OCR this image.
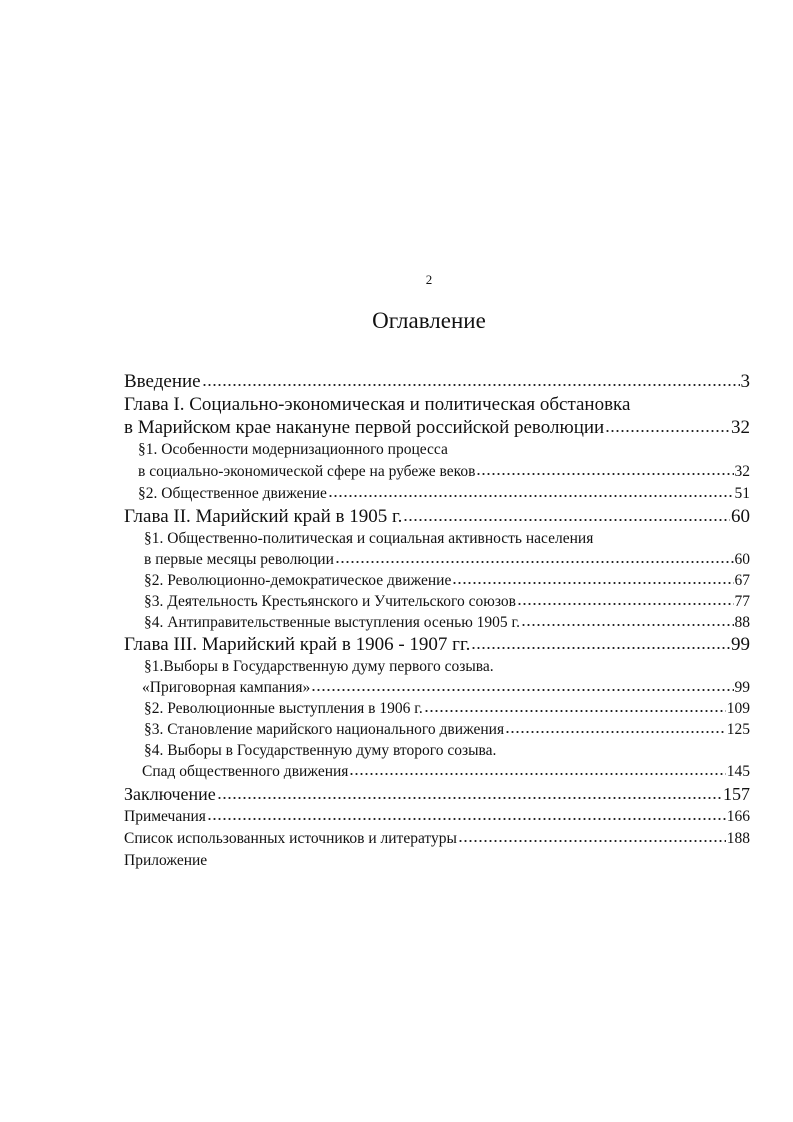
2
Оглавление
Введение	3
Глава I. Социально-экономическая и политическая обстановка
в Марийском крае накануне первой российской революции	32
§1. Особенности модернизационного процесса
в социально-экономической сфере на рубеже веков	32
§2. Общественное движение	51
Глава II. Марийский край в 1905 г.	60
§1. Общественно-политическая и социальная активность населения
в первые месяцы революции	60
§2. Революционно-демократическое движение	67
§3. Деятельность Крестьянского и Учительского союзов	77
§4. Антиправительственные выступления осенью 1905 г.	88
Глава III. Марийский край в 1906 - 1907 гг.	99
§1.Выборы в Государственную думу первого созыва.
«Приговорная кампания»	99
§2. Революционные выступления в 1906 г.	109
§3. Становление марийского национального движения	125
§4. Выборы в Государственную думу второго созыва.
Спад общественного движения	145
Заключение	157
Примечания	166
Список использованных источников и литературы	188
Приложение
